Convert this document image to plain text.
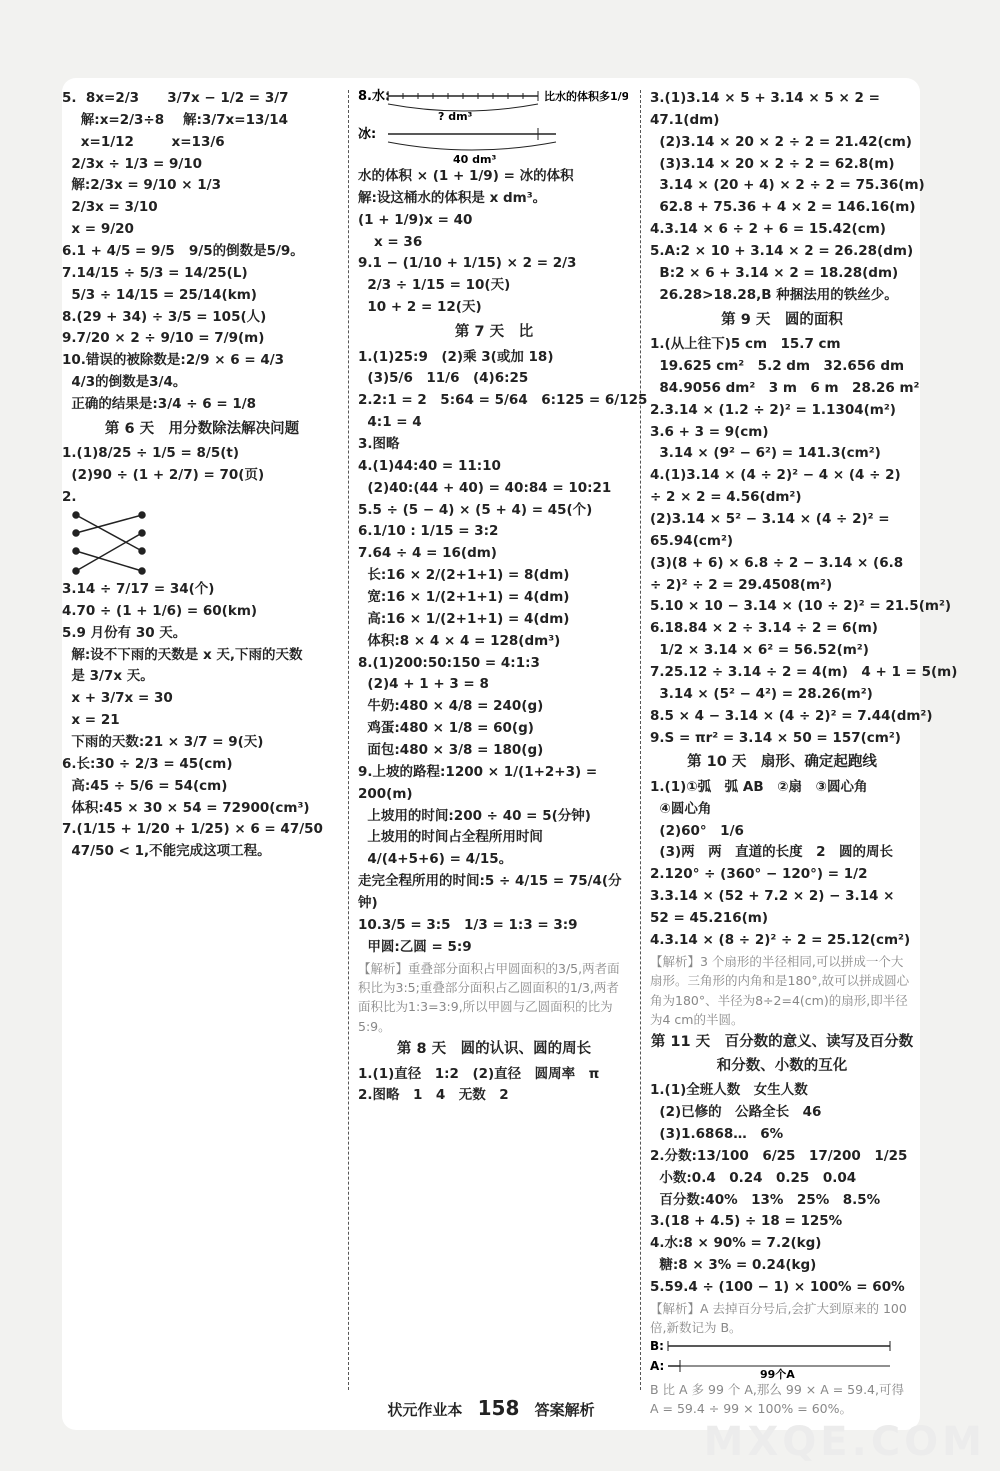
5.  8x=2/3      3/7x − 1/2 = 3/7
解:x=2/3÷8    解:3/7x=13/14
x=1/12        x=13/6
2/3x ÷ 1/3 = 9/10
解:2/3x = 9/10 × 1/3
2/3x = 3/10
x = 9/20
6.1 + 4/5 = 9/5   9/5的倒数是5/9。
7.14/15 ÷ 5/3 = 14/25(L)
5/3 ÷ 14/15 = 25/14(km)
8.(29 + 34) ÷ 3/5 = 105(人)
9.7/20 × 2 ÷ 9/10 = 7/9(m)
10.错误的被除数是:2/9 × 6 = 4/3
4/3的倒数是3/4。
正确的结果是:3/4 ÷ 6 = 1/8
第 6 天　用分数除法解决问题
1.(1)8/25 ÷ 1/5 = 8/5(t)
(2)90 ÷ (1 + 2/7) = 70(页)
2.
3.14 ÷ 7/17 = 34(个)
4.70 ÷ (1 + 1/6) = 60(km)
5.9 月份有 30 天。
解:设不下雨的天数是 x 天,下雨的天数
是 3/7x 天。
x + 3/7x = 30
x = 21
下雨的天数:21 × 3/7 = 9(天)
6.长:30 ÷ 2/3 = 45(cm)
高:45 ÷ 5/6 = 54(cm)
体积:45 × 30 × 54 = 72900(cm³)
7.(1/15 + 1/20 + 1/25) × 6 = 47/50
47/50 < 1,不能完成这项工程。
8.水:	比水的体积多1/9
? dm³
冰:
40 dm³
水的体积 × (1 + 1/9) = 冰的体积
解:设这桶水的体积是 x dm³。
(1 + 1/9)x = 40
x = 36
9.1 − (1/10 + 1/15) × 2 = 2/3
2/3 ÷ 1/15 = 10(天)
10 + 2 = 12(天)
第 7 天　比
1.(1)25:9　(2)乘 3(或加 18)
(3)5/6　11/6　(4)6:25
2.2:1 = 2　5:64 = 5/64　6:125 = 6/125
4:1 = 4
3.图略
4.(1)44:40 = 11:10
(2)40:(44 + 40) = 40:84 = 10:21
5.5 ÷ (5 − 4) × (5 + 4) = 45(个)
6.1/10 : 1/15 = 3:2
7.64 ÷ 4 = 16(dm)
长:16 × 2/(2+1+1) = 8(dm)
宽:16 × 1/(2+1+1) = 4(dm)
高:16 × 1/(2+1+1) = 4(dm)
体积:8 × 4 × 4 = 128(dm³)
8.(1)200:50:150 = 4:1:3
(2)4 + 1 + 3 = 8
牛奶:480 × 4/8 = 240(g)
鸡蛋:480 × 1/8 = 60(g)
面包:480 × 3/8 = 180(g)
9.上坡的路程:1200 × 1/(1+2+3) = 200(m)
上坡用的时间:200 ÷ 40 = 5(分钟)
上坡用的时间占全程所用时间
4/(4+5+6) = 4/15。
走完全程所用的时间:5 ÷ 4/15 = 75/4(分钟)
10.3/5 = 3:5　1/3 = 1:3 = 3:9
甲圆:乙圆 = 5:9
【解析】重叠部分面积占甲圆面积的3/5,两者面积比为3:5;重叠部分面积占乙圆面积的1/3,两者面积比为1:3=3:9,所以甲圆与乙圆面积的比为5:9。
第 8 天　圆的认识、圆的周长
1.(1)直径　1:2　(2)直径　圆周率　π
2.图略　1　4　无数　2
3.(1)3.14 × 5 + 3.14 × 5 × 2 = 47.1(dm)
(2)3.14 × 20 × 2 ÷ 2 = 21.42(cm)
(3)3.14 × 20 × 2 ÷ 2 = 62.8(m)
3.14 × (20 + 4) × 2 ÷ 2 = 75.36(m)
62.8 + 75.36 + 4 × 2 = 146.16(m)
4.3.14 × 6 ÷ 2 + 6 = 15.42(cm)
5.A:2 × 10 + 3.14 × 2 = 26.28(dm)
B:2 × 6 + 3.14 × 2 = 18.28(dm)
26.28>18.28,B 种捆法用的铁丝少。
第 9 天　圆的面积
1.(从上往下)5 cm　15.7 cm
19.625 cm²　5.2 dm　32.656 dm
84.9056 dm²　3 m　6 m　28.26 m²
2.3.14 × (1.2 ÷ 2)² = 1.1304(m²)
3.6 + 3 = 9(cm)
3.14 × (9² − 6²) = 141.3(cm²)
4.(1)3.14 × (4 ÷ 2)² − 4 × (4 ÷ 2) ÷ 2 × 2 = 4.56(dm²)
(2)3.14 × 5² − 3.14 × (4 ÷ 2)² = 65.94(cm²)
(3)(8 + 6) × 6.8 ÷ 2 − 3.14 × (6.8 ÷ 2)² ÷ 2 = 29.4508(m²)
5.10 × 10 − 3.14 × (10 ÷ 2)² = 21.5(m²)
6.18.84 × 2 ÷ 3.14 ÷ 2 = 6(m)
1/2 × 3.14 × 6² = 56.52(m²)
7.25.12 ÷ 3.14 ÷ 2 = 4(m)　4 + 1 = 5(m)
3.14 × (5² − 4²) = 28.26(m²)
8.5 × 4 − 3.14 × (4 ÷ 2)² = 7.44(dm²)
9.S = πr² = 3.14 × 50 = 157(cm²)
第 10 天　扇形、确定起跑线
1.(1)①弧　弧 AB　②扇　③圆心角
④圆心角
(2)60°　1/6
(3)两　两　直道的长度　2　圆的周长
2.120° ÷ (360° − 120°) = 1/2
3.3.14 × (52 + 7.2 × 2) − 3.14 × 52 = 45.216(m)
4.3.14 × (8 ÷ 2)² ÷ 2 = 25.12(cm²)
【解析】3 个扇形的半径相同,可以拼成一个大扇形。三角形的内角和是180°,故可以拼成圆心角为180°、半径为8÷2=4(cm)的扇形,即半径为4 cm的半圆。
第 11 天　百分数的意义、读写及百分数和分数、小数的互化
1.(1)全班人数　女生人数
(2)已修的　公路全长　46
(3)1.6868…　6%
2.分数:13/100　6/25　17/200　1/25
小数:0.4　0.24　0.25　0.04
百分数:40%　13%　25%　8.5%
3.(18 + 4.5) ÷ 18 = 125%
4.水:8 × 90% = 7.2(kg)
糖:8 × 3% = 0.24(kg)
5.59.4 ÷ (100 − 1) × 100% = 60%
【解析】A 去掉百分号后,会扩大到原来的 100 倍,新数记为 B。
B:
A:
99个A
B 比 A 多 99 个 A,那么 99 × A = 59.4,可得 A = 59.4 ÷ 99 × 100% = 60%。
状元作业本 158 答案解析
MXQE.COM
